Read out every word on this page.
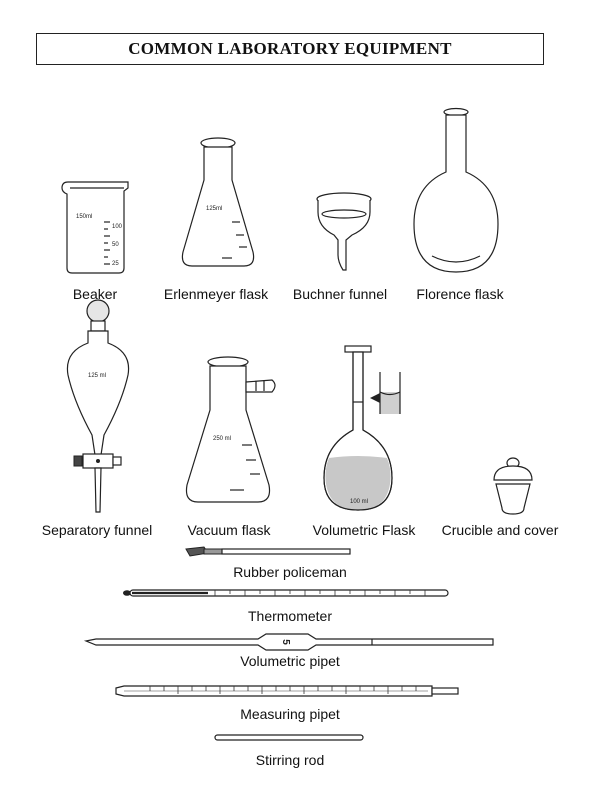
COMMON LABORATORY EQUIPMENT
150ml
100
50
25
125ml
125 ml
250 ml
100 ml
5
Beaker	Erlenmeyer flask Buchner funnel Florence flask
Separatory funnel	Vacuum flask	Volumetric Flask Crucible and cover
Rubber policeman
Thermometer
Volumetric pipet
Measuring pipet
Stirring rod
